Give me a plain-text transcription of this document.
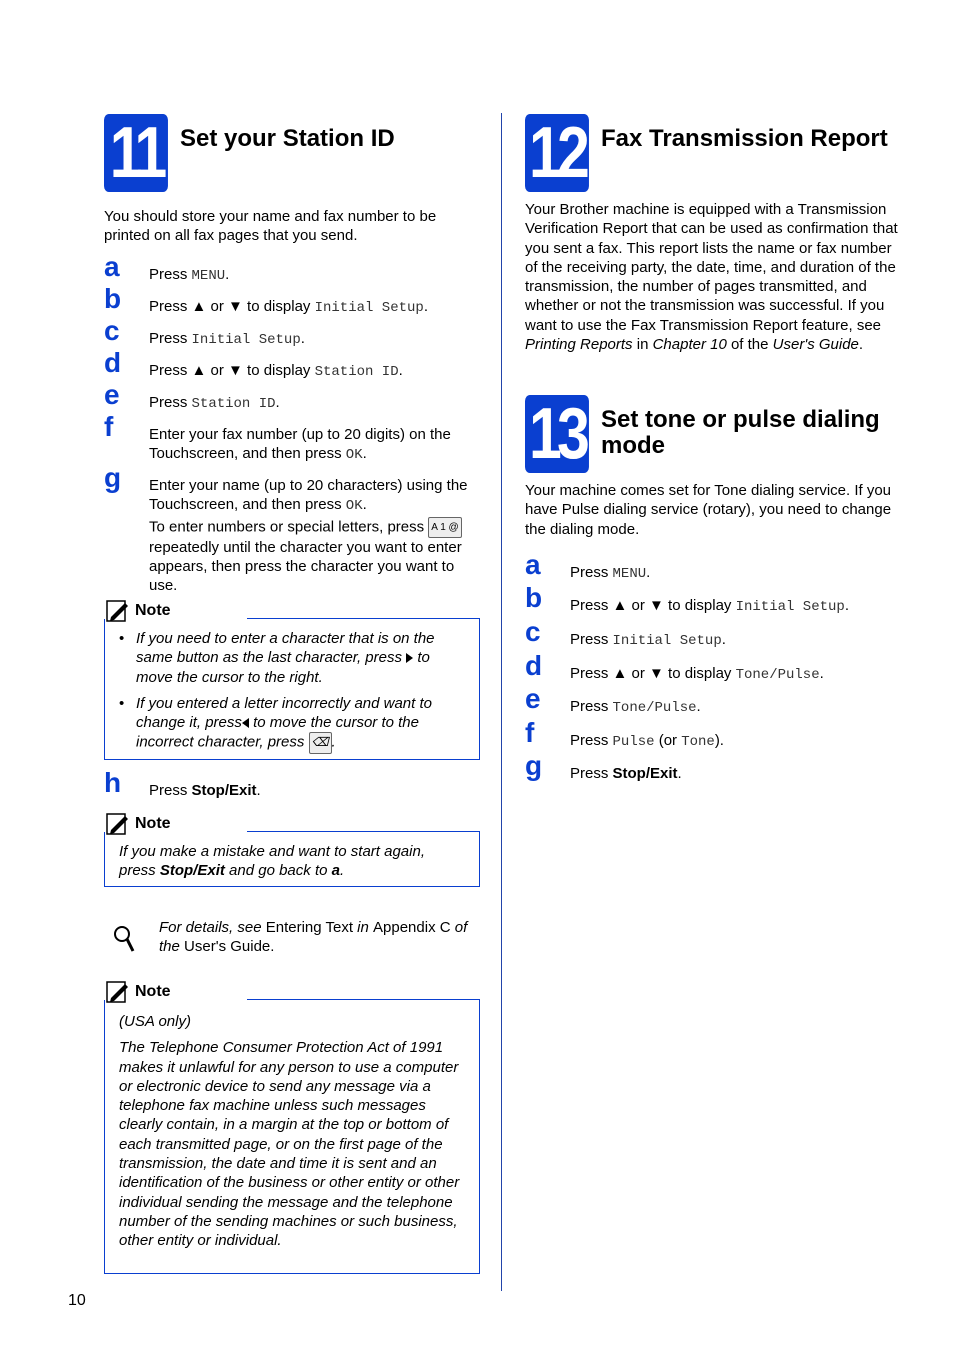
11 Set your Station ID

You should store your name and fax number to be printed on all fax pages that you send.

a Press MENU.
b Press ▲ or ▼ to display Initial Setup.
c Press Initial Setup.
d Press ▲ or ▼ to display Station ID.
e Press Station ID.
f Enter your fax number (up to 20 digits) on the Touchscreen, and then press OK.
g Enter your name (up to 20 characters) using the Touchscreen, and then press OK.
To enter numbers or special letters, press A 1 @
repeatedly until the character you want to enter appears, then press the character you want to use.
Note
• If you need to enter a character that is on the same button as the last character, press to move the cursor to the right.
• If you entered a letter incorrectly and want to change it, press to move the cursor to the incorrect character, press ⌫ .
h Press Stop/Exit.
Note
If you make a mistake and want to start again, press Stop/Exit and go back to a.

For details, see Entering Text in Appendix C of the User's Guide.

Note
(USA only)
The Telephone Consumer Protection Act of 1991 makes it unlawful for any person to use a computer or electronic device to send any message via a telephone fax machine unless such messages clearly contain, in a margin at the top or bottom of each transmitted page, or on the first page of the transmission, the date and time it is sent and an identification of the business or other entity or other individual sending the message and the telephone number of the sending machines or such business, other entity or individual.
12 Fax Transmission Report

Your Brother machine is equipped with a Transmission Verification Report that can be used as confirmation that you sent a fax. This report lists the name or fax number of the receiving party, the date, time, and duration of the transmission, the number of pages transmitted, and whether or not the transmission was successful. If you want to use the Fax Transmission Report feature, see Printing Reports in Chapter 10 of the User's Guide.

13 Set tone or pulse dialing mode

Your machine comes set for Tone dialing service. If you have Pulse dialing service (rotary), you need to change the dialing mode.

a Press MENU.
b Press ▲ or ▼ to display Initial Setup.
c Press Initial Setup.
d Press ▲ or ▼ to display Tone/Pulse.
e Press Tone/Pulse.
f Press Pulse (or Tone).
g Press Stop/Exit.
10
